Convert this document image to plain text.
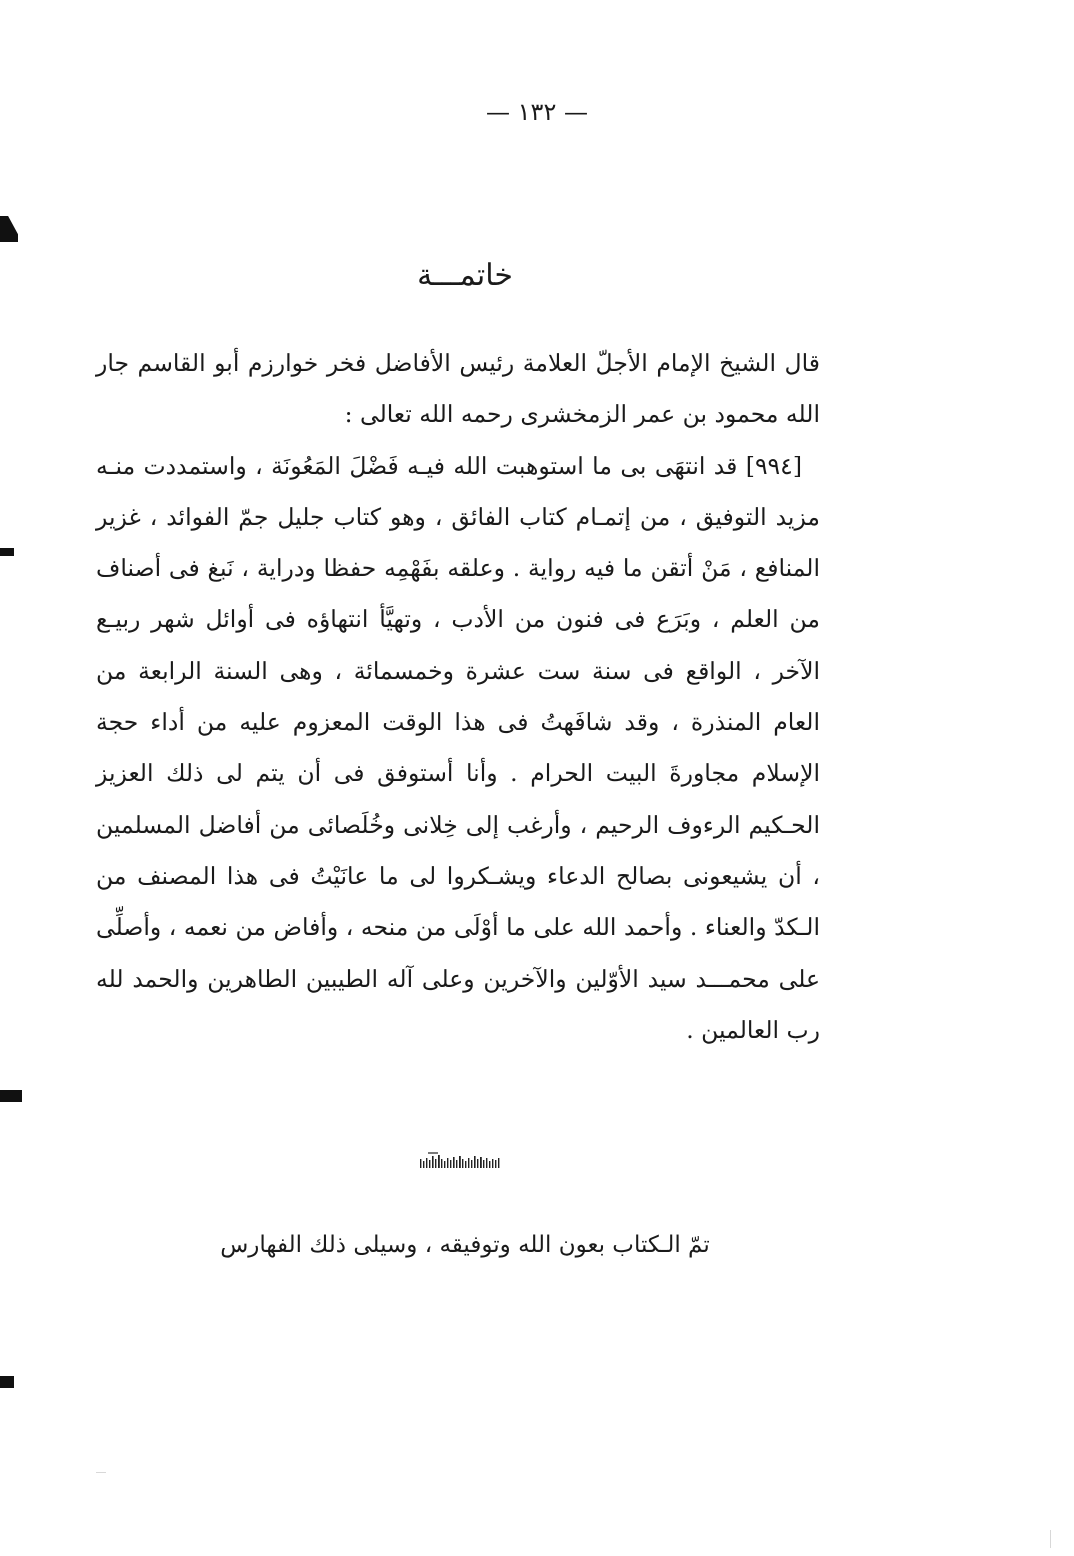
— ١٣٢ —
خاتمـــة

قال الشيخ الإمام الأجلّ العلامة رئيس الأفاضل فخر خوارزم أبو القاسم جار الله محمود بن عمر الزمخشرى رحمه الله تعالى :

[٩٩٤] قد انتهَى بى ما استوهبت الله فيـه فَضْلَ المَعُونَة ، واستمددت منـه مزيد التوفيق ، من إتمـام كتاب الفائق ، وهو كتاب جليل جمّ الفوائد ، غزير المنافع ، مَنْ أتقن ما فيه رواية . وعلقه بفَهْمِه حفظا ودراية ، نَبغ فى أصناف من العلم ، وبَرَع فى فنون من الأدب ، وتهيَّأ انتهاؤه فى أوائل شهر ربيـع الآخر ، الواقع فى سنة ست عشرة وخمسمائة ، وهى السنة الرابعة من العام المنذرة ، وقد شافَهتُ فى هذا الوقت المعزوم عليه من أداء حجة الإسلام مجاورةَ البيت الحرام . وأنا أستوفق فى أن يتم لى ذلك العزيز الحـكيم الرءوف الرحيم ، وأرغب إلى خِلانى وخُلَصائى من أفاضل المسلمين ، أن يشيعونى بصالح الدعاء ويشـكروا لى ما عانَيْتُ فى هذا المصنف من الـكدّ والعناء . وأحمد الله على ما أوْلَى من منحه ، وأفاض من نعمه ، وأصلِّى على محمـــد سيد الأوّلين والآخرين وعلى آله الطيبين الطاهرين والحمد لله رب العالمين .

تمّ الـكتاب بعون الله وتوفيقه ، وسيلى ذلك الفهارس
